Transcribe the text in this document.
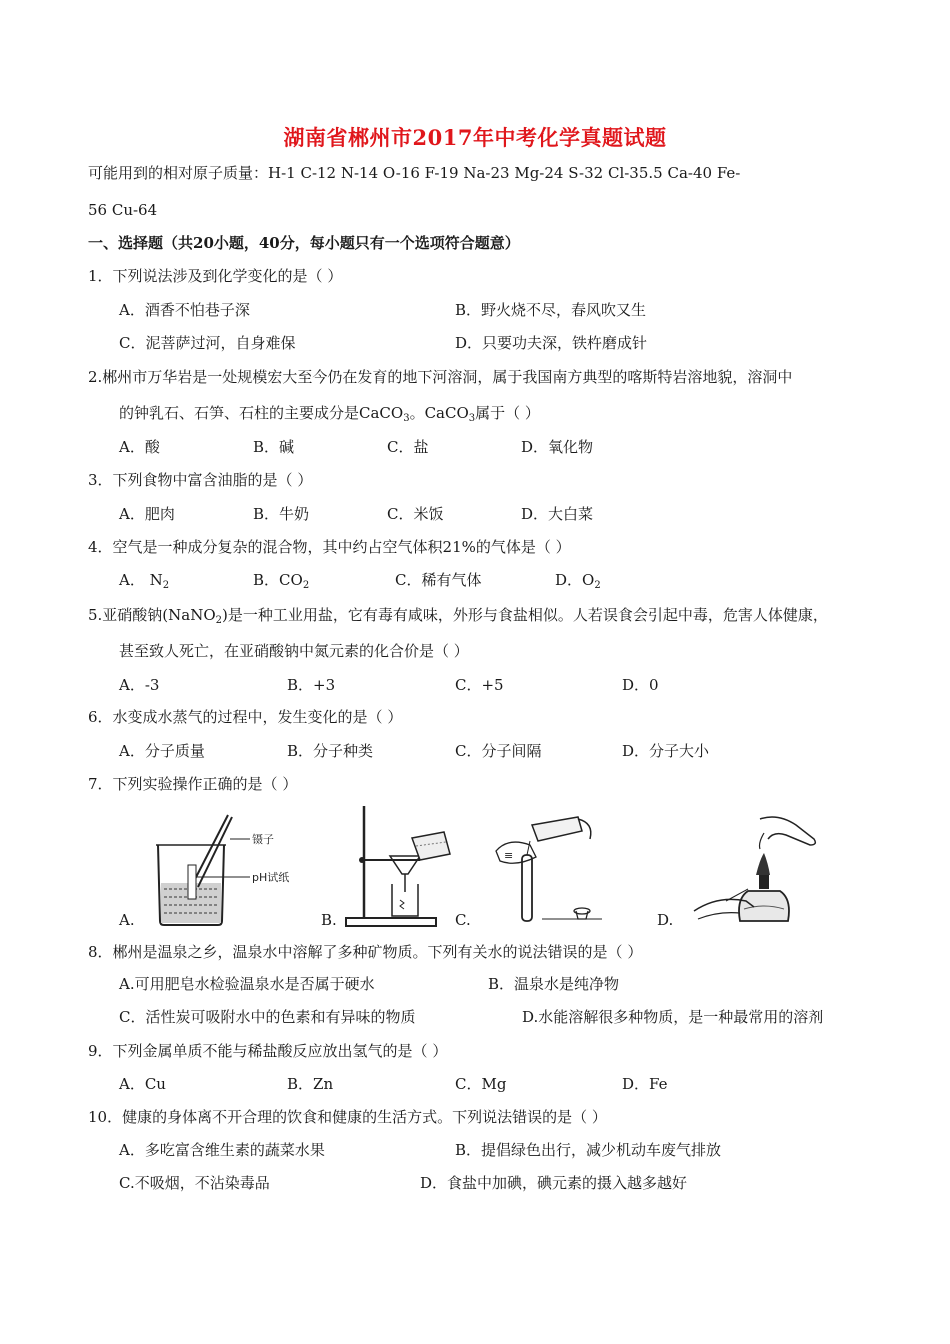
湖南省郴州市2017年中考化学真题试题
可能用到的相对原子质量：H-1 C-12 N-14 O-16 F-19 Na-23 Mg-24 S-32 Cl-35.5 Ca-40 Fe-
56 Cu-64
一、选择题（共20小题，40分，每小题只有一个选项符合题意）
1．下列说法涉及到化学变化的是（ ）
A．酒香不怕巷子深	B．野火烧不尽，春风吹又生
C．泥菩萨过河，自身难保	D．只要功夫深，铁杵磨成针
2.郴州市万华岩是一处规模宏大至今仍在发育的地下河溶洞，属于我国南方典型的喀斯特岩溶地貌，溶洞中
的钟乳石、石笋、石柱的主要成分是CaCO$_3$。CaCO$_3$属于（ ）
A．酸	B．碱	C．盐	D．氧化物
3．下列食物中富含油脂的是（ ）
A．肥肉	B．牛奶	C．米饭	D．大白菜
4．空气是一种成分复杂的混合物，其中约占空气体积21%的气体是（ ）
A． $N_2$	B．$CO_2$	C．稀有气体	D．$O_2$
5.亚硝酸钠(NaNO$_2$)是一种工业用盐，它有毒有咸味，外形与食盐相似。人若误食会引起中毒，危害人体健康，
甚至致人死亡，在亚硝酸钠中氮元素的化合价是（ ）
A．-3	B．+3	C．+5	D．0
6．水变成水蒸气的过程中，发生变化的是（ ）
A．分子质量	B．分子种类	C．分子间隔	D．分子大小
7．下列实验操作正确的是（ ）
A.
镊子
pH试纸
B.	C.
≡
D.
8．郴州是温泉之乡，温泉水中溶解了多种矿物质。下列有关水的说法错误的是（ ）
A.可用肥皂水检验温泉水是否属于硬水	B．温泉水是纯净物
C．活性炭可吸附水中的色素和有异味的物质	D.水能溶解很多种物质，是一种最常用的溶剂
9．下列金属单质不能与稀盐酸反应放出氢气的是（ ）
A．Cu	B．Zn	C．Mg	D．Fe
10．健康的身体离不开合理的饮食和健康的生活方式。下列说法错误的是（ ）
A．多吃富含维生素的蔬菜水果	B．提倡绿色出行，减少机动车废气排放
C.不吸烟，不沾染毒品	D．食盐中加碘，碘元素的摄入越多越好
